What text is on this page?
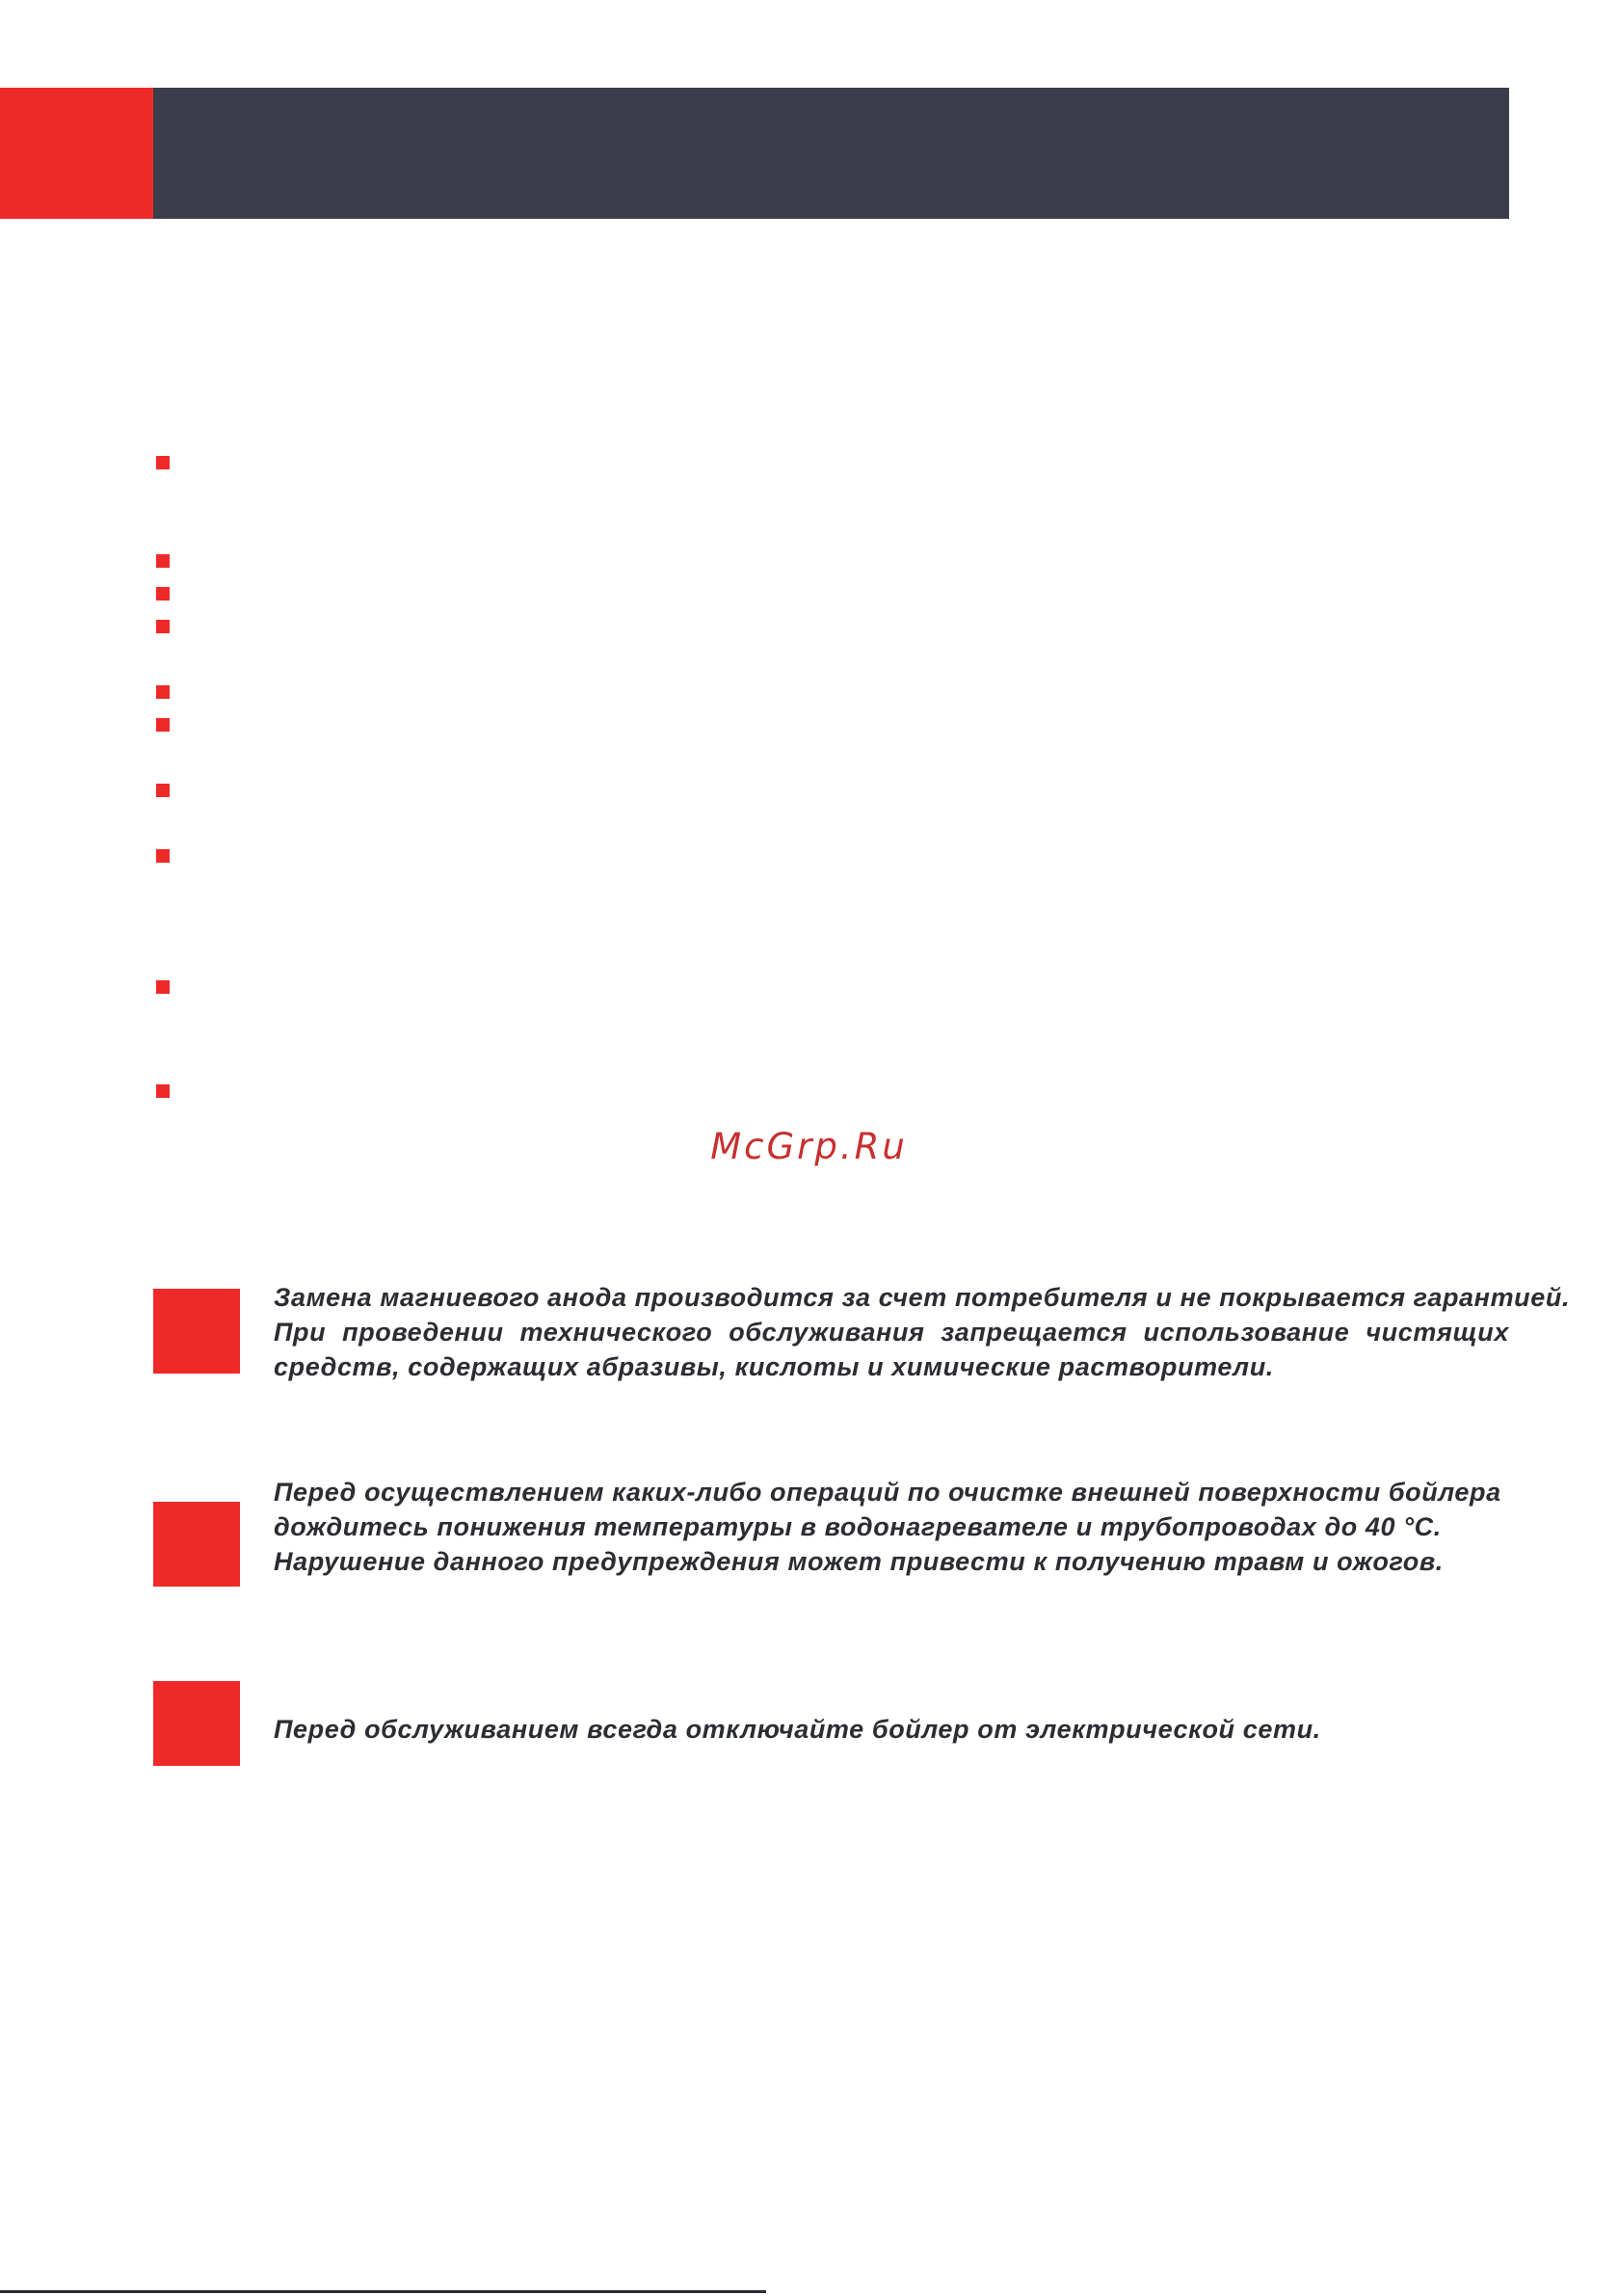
McGrp.Ru
Замена магниевого анода производится за счет потребителя и не покрывается гарантией.
При проведении технического обслуживания запрещается использование чистящих
средств, содержащих абразивы, кислоты и химические растворители.
Перед осуществлением каких-либо операций по очистке внешней поверхности бойлера
дождитесь понижения температуры в водонагревателе и трубопроводах до 40 °С.
Нарушение данного предупреждения может привести к получению травм и ожогов.
Перед обслуживанием всегда отключайте бойлер от электрической сети.
